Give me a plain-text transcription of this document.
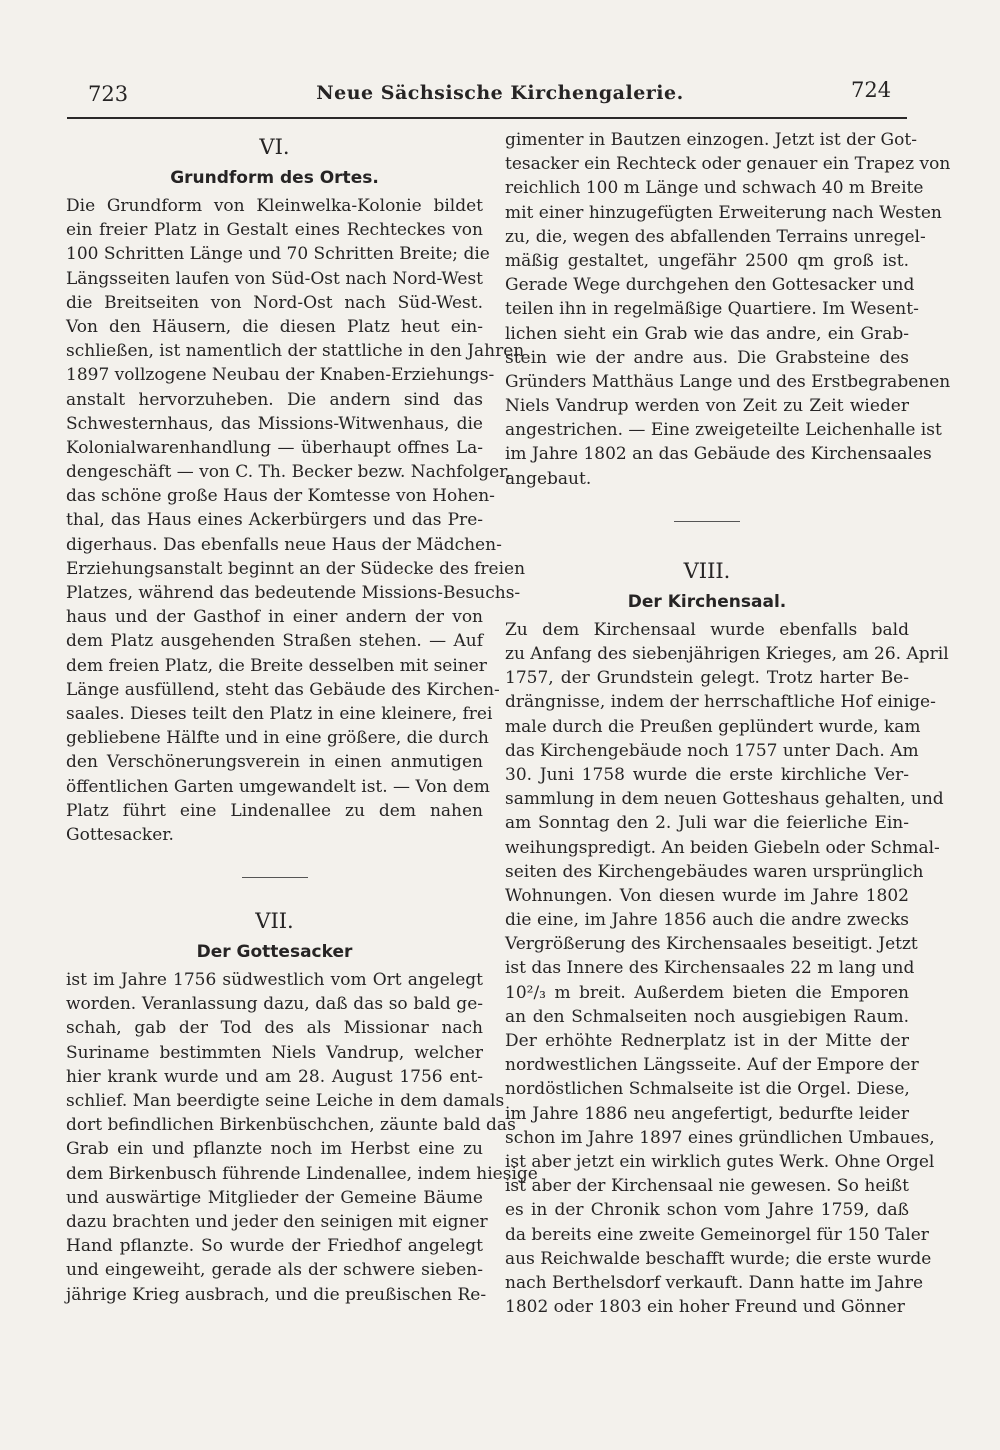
723	Neue Sächsische Kirchengalerie.	724
VI.
Grundform des Ortes.
Die Grundform von Kleinwelka-Kolonie bildet
ein freier Platz in Gestalt eines Rechteckes von
100 Schritten Länge und 70 Schritten Breite; die
Längsseiten laufen von Süd-Ost nach Nord-West
die Breitseiten von Nord-Ost nach Süd-West.
Von den Häusern, die diesen Platz heut ein-
schließen, ist namentlich der stattliche in den Jahren
1897 vollzogene Neubau der Knaben-Erziehungs-
anstalt hervorzuheben. Die andern sind das
Schwesternhaus, das Missions-Witwenhaus, die
Kolonialwarenhandlung — überhaupt offnes La-
dengeschäft — von C. Th. Becker bezw. Nachfolger,
das schöne große Haus der Komtesse von Hohen-
thal, das Haus eines Ackerbürgers und das Pre-
digerhaus. Das ebenfalls neue Haus der Mädchen-
Erziehungsanstalt beginnt an der Südecke des freien
Platzes, während das bedeutende Missions-Besuchs-
haus und der Gasthof in einer andern der von
dem Platz ausgehenden Straßen stehen. — Auf
dem freien Platz, die Breite desselben mit seiner
Länge ausfüllend, steht das Gebäude des Kirchen-
saales. Dieses teilt den Platz in eine kleinere, frei
gebliebene Hälfte und in eine größere, die durch
den Verschönerungsverein in einen anmutigen
öffentlichen Garten umgewandelt ist. — Von dem
Platz führt eine Lindenallee zu dem nahen
Gottesacker.
VII.
Der Gottesacker
ist im Jahre 1756 südwestlich vom Ort angelegt
worden. Veranlassung dazu, daß das so bald ge-
schah, gab der Tod des als Missionar nach
Suriname bestimmten Niels Vandrup, welcher
hier krank wurde und am 28. August 1756 ent-
schlief. Man beerdigte seine Leiche in dem damals
dort befindlichen Birkenbüschchen, zäunte bald das
Grab ein und pflanzte noch im Herbst eine zu
dem Birkenbusch führende Lindenallee, indem hiesige
und auswärtige Mitglieder der Gemeine Bäume
dazu brachten und jeder den seinigen mit eigner
Hand pflanzte. So wurde der Friedhof angelegt
und eingeweiht, gerade als der schwere sieben-
jährige Krieg ausbrach, und die preußischen Re-
gimenter in Bautzen einzogen. Jetzt ist der Got-
tesacker ein Rechteck oder genauer ein Trapez von
reichlich 100 m Länge und schwach 40 m Breite
mit einer hinzugefügten Erweiterung nach Westen
zu, die, wegen des abfallenden Terrains unregel-
mäßig gestaltet, ungefähr 2500 qm groß ist.
Gerade Wege durchgehen den Gottesacker und
teilen ihn in regelmäßige Quartiere. Im Wesent-
lichen sieht ein Grab wie das andre, ein Grab-
stein wie der andre aus. Die Grabsteine des
Gründers Matthäus Lange und des Erstbegrabenen
Niels Vandrup werden von Zeit zu Zeit wieder
angestrichen. — Eine zweigeteilte Leichenhalle ist
im Jahre 1802 an das Gebäude des Kirchensaales
angebaut.
VIII.
Der Kirchensaal.
Zu dem Kirchensaal wurde ebenfalls bald
zu Anfang des siebenjährigen Krieges, am 26. April
1757, der Grundstein gelegt. Trotz harter Be-
drängnisse, indem der herrschaftliche Hof einige-
male durch die Preußen geplündert wurde, kam
das Kirchengebäude noch 1757 unter Dach. Am
30. Juni 1758 wurde die erste kirchliche Ver-
sammlung in dem neuen Gotteshaus gehalten, und
am Sonntag den 2. Juli war die feierliche Ein-
weihungspredigt. An beiden Giebeln oder Schmal-
seiten des Kirchengebäudes waren ursprünglich
Wohnungen. Von diesen wurde im Jahre 1802
die eine, im Jahre 1856 auch die andre zwecks
Vergrößerung des Kirchensaales beseitigt. Jetzt
ist das Innere des Kirchensaales 22 m lang und
10²/₃ m breit. Außerdem bieten die Emporen
an den Schmalseiten noch ausgiebigen Raum.
Der erhöhte Rednerplatz ist in der Mitte der
nordwestlichen Längsseite. Auf der Empore der
nordöstlichen Schmalseite ist die Orgel. Diese,
im Jahre 1886 neu angefertigt, bedurfte leider
schon im Jahre 1897 eines gründlichen Umbaues,
ist aber jetzt ein wirklich gutes Werk. Ohne Orgel
ist aber der Kirchensaal nie gewesen. So heißt
es in der Chronik schon vom Jahre 1759, daß
da bereits eine zweite Gemeinorgel für 150 Taler
aus Reichwalde beschafft wurde; die erste wurde
nach Berthelsdorf verkauft. Dann hatte im Jahre
1802 oder 1803 ein hoher Freund und Gönner
